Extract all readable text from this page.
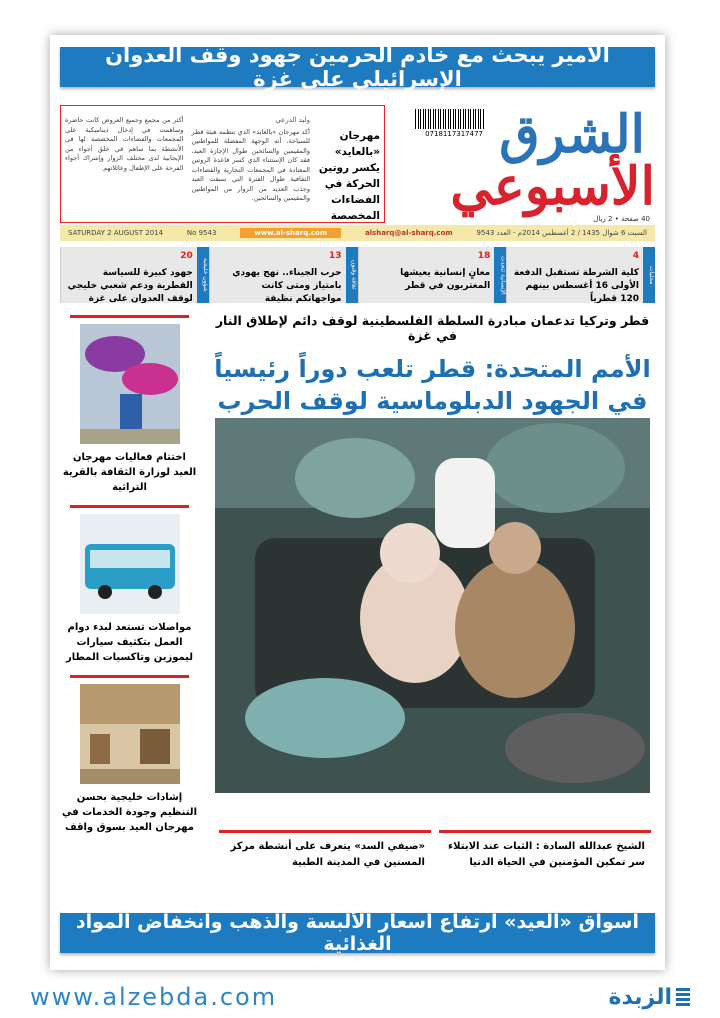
الأمير يبحث مع خادم الحرمين جهود وقف العدوان الإسرائيلي على غزة
الشرق
الأسبوعي
40 صفحة • 2 ريال
0718117317477
مهرجان «بالعايد» يكسر روتين الحركة في الفضاءات المخصصة
وليد الدرعي
أكد مهرجان «بالعايد» الذي تنظمه هيئة قطر للسياحة، أنه الوجهة المفضلة للمواطنين والمقيمين والسائحين طوال الإجازة العيد، فقد كان الإستثناء الذي كسر قاعدة الروتين المعتادة في المجمعات التجارية والفضاءات الثقافية طوال الفترة التي سبقت العيد وجذب العديد من الزوار من المواطنين والمقيمين والسائحين.
أكثر من مجمع وجميع العروض كانت حاضرة وساهمت في إدخال ديناميكية على المجمعات والفضاءات المخصصة لها في الأنشطة بما ساهم في خلق أجواء من الإيجابية لدى مختلف الزوار وإشراك أجواء الفرحة على الإطفال وعائلاتهم.
السبت 6 شوال 1435 / 2 أغسطس 2014م - العدد 9543
alsharq@al-sharq.com
www.al-sharq.com
No 9543
SATURDAY 2 AUGUST 2014
محليات
4
كلية الشرطة تستقبل الدفعة الأولى 16 أغسطس بينهم 120 قطرياً
الإنسانية تتحدث
18
معانٍ إنسانية يعيشها المغتربون في قطر
ثقافة وفنون
13
حرب الجيناء.. نهج يهودي بامتياز ومتى كانت مواجهاتكم نظيفة
شؤون خليجية
20
جهود كبيرة للسياسة القطرية ودعم شعبي خليجي لوقف العدوان على غزة
قطر وتركيا تدعمان مبادرة السلطة الفلسطينية لوقف دائم لإطلاق النار في غزة
الأمم المتحدة: قطر تلعب دوراً رئيسياً
في الجهود الدبلوماسية لوقف الحرب
اختتام فعاليات مهرجان العيد لوزارة الثقافة بالقرية التراثية
مواصلات تستعد لبدء دوام العمل بتكثيف سيارات ليموزين وتاكسيات المطار
إشادات خليجية بحسن التنظيم وجودة الخدمات في مهرجان العيد بسوق واقف
الشيخ عبدالله السادة : الثبات عند الابتلاء سر تمكين المؤمنين في الحياة الدنيا
«صيفي السد» يتعرف على أنشطة مركز المسنين في المدينة الطبية
أسواق «العيد» ارتفاع أسعار الألبسة والذهب وانخفاض المواد الغذائية
www.alzebda.com	الزبدة
